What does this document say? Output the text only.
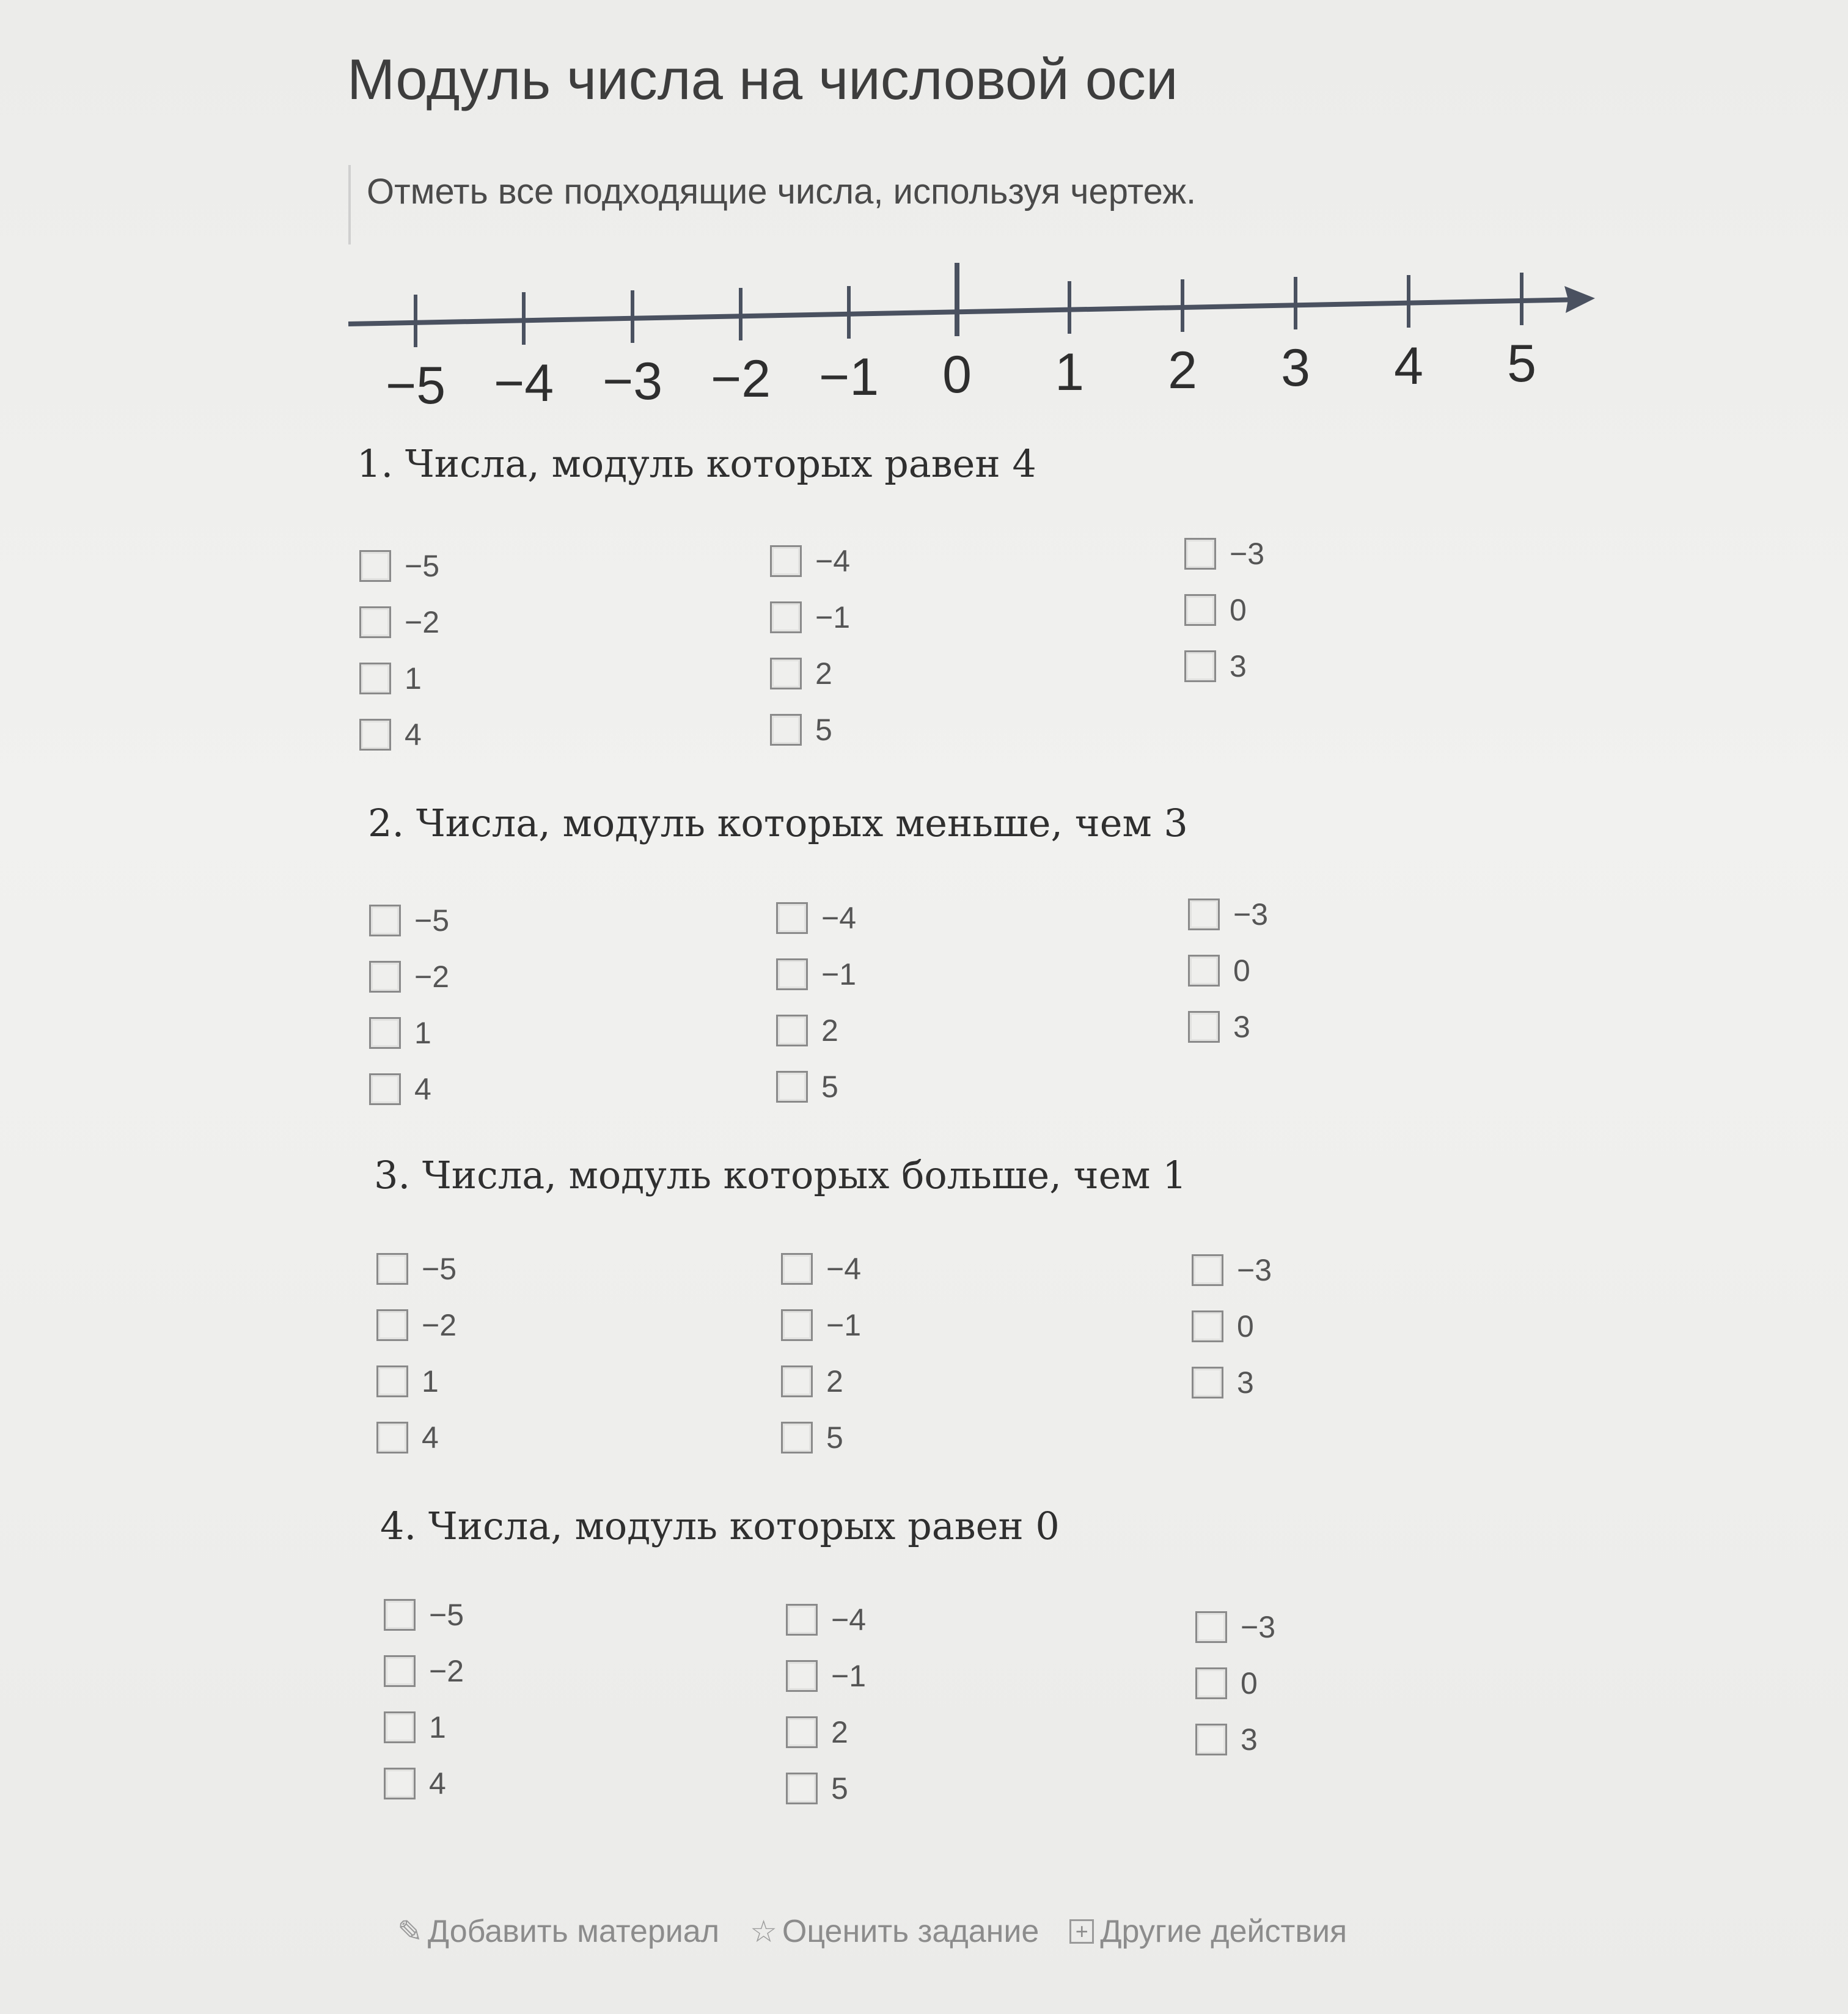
Модуль числа на числовой оси
Отметь все подходящие числа, используя чертеж.
−5 −4 −3 −2 −1 0 1 2 3 4 5
1. Числа, модуль которых равен 4
−5
−2
1
4
−4
−1
2
5
−3
0
3
2. Числа, модуль которых меньше, чем 3
−5
−2
1
4
−4
−1
2
5
−3
0
3
3. Числа, модуль которых больше, чем 1
−5
−2
1
4
−4
−1
2
5
−3
0
3
4. Числа, модуль которых равен 0
−5
−2
1
4
−4
−1
2
5
−3
0
3
✎ Добавить материал ☆ Оценить задание + Другие действия
